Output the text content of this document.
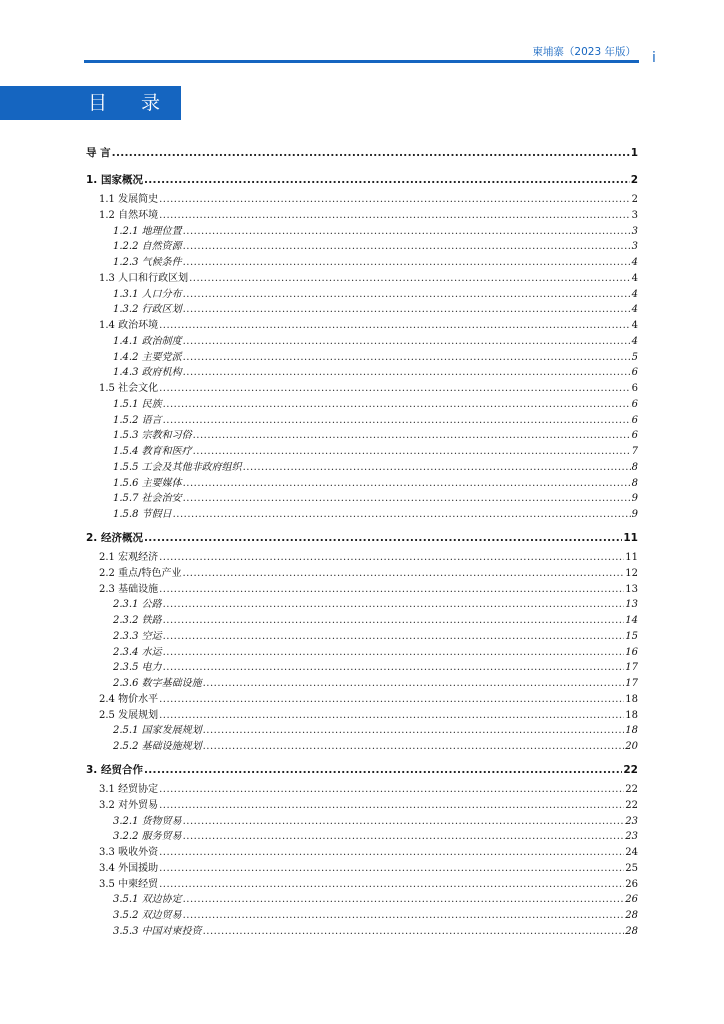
柬埔寨（2023 年版） i
目 录
导 言 .....	1
1. 国家概况 .....	2
1.1 发展简史 .....	2
1.2 自然环境 .....	3
1.2.1 地理位置 .....	3
1.2.2 自然资源 .....	3
1.2.3 气候条件 .....	4
1.3 人口和行政区划 .....	4
1.3.1 人口分布 .....	4
1.3.2 行政区划 .....	4
1.4 政治环境 .....	4
1.4.1 政治制度 .....	4
1.4.2 主要党派 .....	5
1.4.3 政府机构 .....	6
1.5 社会文化 .....	6
1.5.1 民族 .....	6
1.5.2 语言 .....	6
1.5.3 宗教和习俗 .....	6
1.5.4 教育和医疗 .....	7
1.5.5 工会及其他非政府组织 .....	8
1.5.6 主要媒体 .....	8
1.5.7 社会治安 .....	9
1.5.8 节假日 .....	9
2. 经济概况 .....	11
2.1 宏观经济 .....	11
2.2 重点/特色产业 .....	12
2.3 基础设施 .....	13
2.3.1 公路 .....	13
2.3.2 铁路 .....	14
2.3.3 空运 .....	15
2.3.4 水运 .....	16
2.3.5 电力 .....	17
2.3.6 数字基础设施 .....	17
2.4 物价水平 .....	18
2.5 发展规划 .....	18
2.5.1 国家发展规划 .....	18
2.5.2 基础设施规划 .....	20
3. 经贸合作 .....	22
3.1 经贸协定 .....	22
3.2 对外贸易 .....	22
3.2.1 货物贸易 .....	23
3.2.2 服务贸易 .....	23
3.3 吸收外资 .....	24
3.4 外国援助 .....	25
3.5 中柬经贸 .....	26
3.5.1 双边协定 .....	26
3.5.2 双边贸易 .....	28
3.5.3 中国对柬投资 .....	28
